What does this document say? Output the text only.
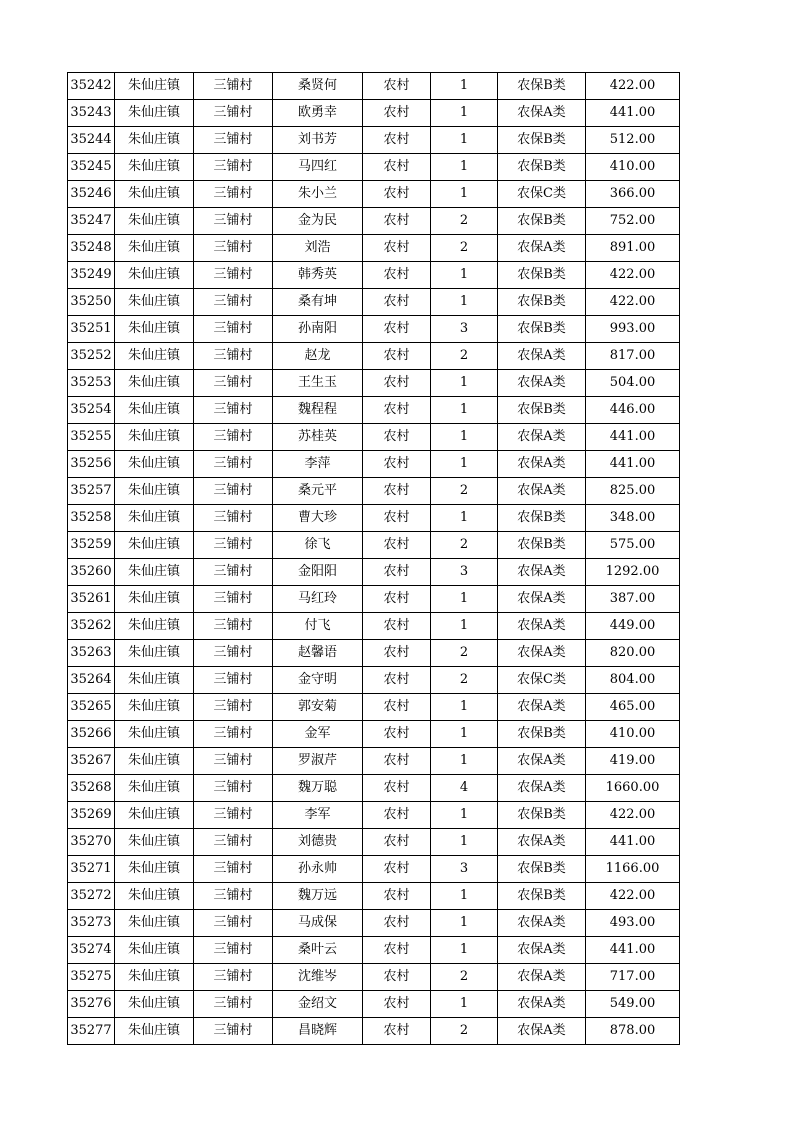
35242	朱仙庄镇	三铺村	桑贤何	农村	1	农保B类	422.00
35243	朱仙庄镇	三铺村	欧勇幸	农村	1	农保A类	441.00
35244	朱仙庄镇	三铺村	刘书芳	农村	1	农保B类	512.00
35245	朱仙庄镇	三铺村	马四红	农村	1	农保B类	410.00
35246	朱仙庄镇	三铺村	朱小兰	农村	1	农保C类	366.00
35247	朱仙庄镇	三铺村	金为民	农村	2	农保B类	752.00
35248	朱仙庄镇	三铺村	刘浩	农村	2	农保A类	891.00
35249	朱仙庄镇	三铺村	韩秀英	农村	1	农保B类	422.00
35250	朱仙庄镇	三铺村	桑有坤	农村	1	农保B类	422.00
35251	朱仙庄镇	三铺村	孙南阳	农村	3	农保B类	993.00
35252	朱仙庄镇	三铺村	赵龙	农村	2	农保A类	817.00
35253	朱仙庄镇	三铺村	王生玉	农村	1	农保A类	504.00
35254	朱仙庄镇	三铺村	魏程程	农村	1	农保B类	446.00
35255	朱仙庄镇	三铺村	苏桂英	农村	1	农保A类	441.00
35256	朱仙庄镇	三铺村	李萍	农村	1	农保A类	441.00
35257	朱仙庄镇	三铺村	桑元平	农村	2	农保A类	825.00
35258	朱仙庄镇	三铺村	曹大珍	农村	1	农保B类	348.00
35259	朱仙庄镇	三铺村	徐飞	农村	2	农保B类	575.00
35260	朱仙庄镇	三铺村	金阳阳	农村	3	农保A类	1292.00
35261	朱仙庄镇	三铺村	马红玲	农村	1	农保A类	387.00
35262	朱仙庄镇	三铺村	付飞	农村	1	农保A类	449.00
35263	朱仙庄镇	三铺村	赵馨语	农村	2	农保A类	820.00
35264	朱仙庄镇	三铺村	金守明	农村	2	农保C类	804.00
35265	朱仙庄镇	三铺村	郭安菊	农村	1	农保A类	465.00
35266	朱仙庄镇	三铺村	金军	农村	1	农保B类	410.00
35267	朱仙庄镇	三铺村	罗淑芹	农村	1	农保A类	419.00
35268	朱仙庄镇	三铺村	魏万聪	农村	4	农保A类	1660.00
35269	朱仙庄镇	三铺村	李军	农村	1	农保B类	422.00
35270	朱仙庄镇	三铺村	刘德贵	农村	1	农保A类	441.00
35271	朱仙庄镇	三铺村	孙永帅	农村	3	农保B类	1166.00
35272	朱仙庄镇	三铺村	魏万远	农村	1	农保B类	422.00
35273	朱仙庄镇	三铺村	马成保	农村	1	农保A类	493.00
35274	朱仙庄镇	三铺村	桑叶云	农村	1	农保A类	441.00
35275	朱仙庄镇	三铺村	沈维岑	农村	2	农保A类	717.00
35276	朱仙庄镇	三铺村	金绍文	农村	1	农保A类	549.00
35277	朱仙庄镇	三铺村	昌晓辉	农村	2	农保A类	878.00
